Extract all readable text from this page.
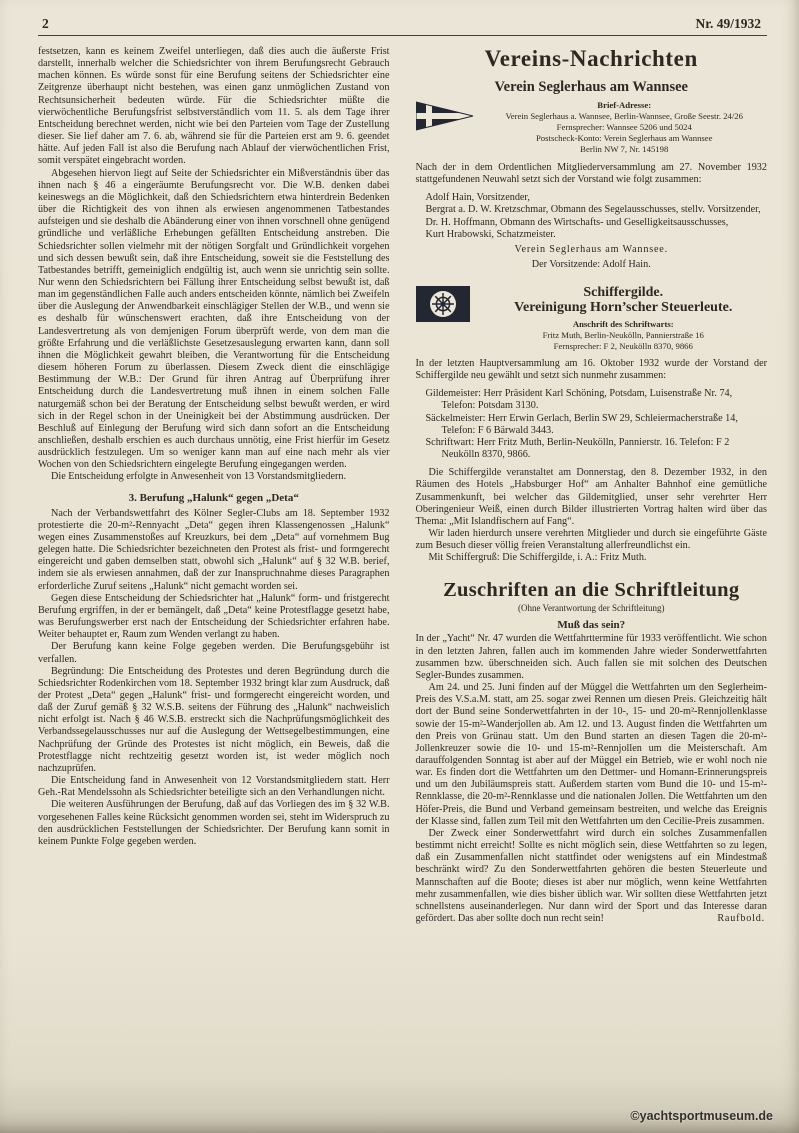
2	Nr. 49/1932

festsetzen, kann es keinem Zweifel unterliegen, daß dies auch die äußerste Frist darstellt, innerhalb welcher die Schiedsrichter von ihrem Berufungsrecht Gebrauch machen können. Es würde sonst für eine Berufung seitens der Schiedsrichter eine Zeitgrenze überhaupt nicht bestehen, was einen ganz unmöglichen Zustand von Rechtsunsicherheit bedeuten würde. Für die Schiedsrichter müßte die vierwöchentliche Berufungsfrist selbstverständlich vom 11. 5. als dem Tage ihrer Entscheidung berechnet werden, nicht wie bei den Parteien vom Tage der Zustellung dieser. Sie lief daher am 7. 6. ab, während sie für die Parteien erst am 9. 6. geendet hätte. Auf jeden Fall ist also die Berufung nach Ablauf der vierwöchentlichen Frist, somit verspätet eingebracht worden.

Abgesehen hiervon liegt auf Seite der Schiedsrichter ein Mißverständnis über das ihnen nach § 46 a eingeräumte Berufungsrecht vor. Die W.B. denken dabei keineswegs an die Möglichkeit, daß den Schiedsrichtern etwa hinterdrein Bedenken über die Richtigkeit des von ihnen als erwiesen angenommenen Tatbestandes aufsteigen und sie deshalb die Abänderung einer von ihnen vorschnell ohne genügend gründliche und verläßliche Erhebungen gefällten Entscheidung anstreben. Die Schiedsrichter sollen vielmehr mit der nötigen Sorgfalt und Gründlichkeit vorgehen und sich dessen bewußt sein, daß ihre Entscheidung, soweit sie die Feststellung des Tatbestandes betrifft, gemeiniglich endgültig ist, auch wenn sie unrichtig sein sollte. Nur wenn den Schiedsrichtern bei Fällung ihrer Entscheidung selbst bewußt ist, daß man im gegenständlichen Falle auch anders entscheiden könnte, nämlich bei Zweifeln über die Auslegung der Anwendbarkeit einschlägiger Stellen der W.B., und wenn sie es deshalb für wünschenswert erachten, daß ihre Entscheidung von der Landesvertretung als von demjenigen Forum überprüft werde, von dem man die größte Erfahrung und die verläßlichste Gesetzesauslegung erwarten kann, dann soll ihnen die Möglichkeit gewahrt bleiben, die Verantwortung für die Entscheidung diesem höheren Forum zu überlassen. Diesem Zweck dient die einschlägige Bestimmung der W.B.: Der Grund für ihren Antrag auf Überprüfung ihrer Entscheidung durch die Landesvertretung muß ihnen in einem solchen Falle naturgemäß schon bei der Beratung der Entscheidung selbst bewußt werden, er wird sich in der Regel schon in der Uneinigkeit bei der Abstimmung ausdrücken. Der Beschluß auf Einlegung der Berufung wird sich dann sofort an die Entscheidung anschließen, deshalb erschien es auch durchaus unnötig, eine Frist hierfür im Gesetz ausdrücklich festzulegen. Um so weniger kann man auf eine nach mehr als vier Wochen von den Schiedsrichtern eingelegte Berufung eingegangen werden.

Die Entscheidung erfolgte in Anwesenheit von 13 Vorstandsmitgliedern.

3. Berufung „Halunk“ gegen „Deta“

Nach der Verbandswettfahrt des Kölner Segler-Clubs am 18. September 1932 protestierte die 20-m²-Rennyacht „Deta“ gegen ihren Klassengenossen „Halunk“ wegen eines Zusammenstoßes auf Kreuzkurs, bei dem „Deta“ auf vornehmem Bug gelegen hatte. Die Schiedsrichter bezeichneten den Protest als frist- und formgerecht eingereicht und gaben demselben statt, obwohl sich „Halunk“ auf § 32 W.B. berief, indem sie als erwiesen annahmen, daß der zur Inanspruchnahme dieses Paragraphen erforderliche Zuruf seitens „Halunk“ nicht gemacht worden sei.

Gegen diese Entscheidung der Schiedsrichter hat „Halunk“ form- und fristgerecht Berufung ergriffen, in der er bemängelt, daß „Deta“ keine Protestflagge gesetzt habe, was Berufungswerber erst nach der Entscheidung der Schiedsrichter erfahren habe. Weiter behauptet er, Raum zum Wenden verlangt zu haben.

Der Berufung kann keine Folge gegeben werden. Die Berufungsgebühr ist verfallen.

Begründung: Die Entscheidung des Protestes und deren Begründung durch die Schiedsrichter Rodenkirchen vom 18. September 1932 bringt klar zum Ausdruck, daß der Protest „Deta“ gegen „Halunk“ frist- und formgerecht eingereicht worden, und daß der Zuruf gemäß § 32 W.S.B. seitens der Führung des „Halunk“ nachweislich nicht erfolgt ist. Nach § 46 W.S.B. erstreckt sich die Nachprüfungsmöglichkeit des Verbandssegelausschusses nur auf die Auslegung der Wettsegelbestimmungen, eine Nachprüfung der Gründe des Protestes ist nicht möglich, ein Beweis, daß die Protestflagge nicht rechtzeitig gesetzt worden ist, ist weder möglich noch nachzuprüfen.

Die Entscheidung fand in Anwesenheit von 12 Vorstandsmitgliedern statt. Herr Geh.-Rat Mendelssohn als Schiedsrichter beteiligte sich an den Verhandlungen nicht.

Die weiteren Ausführungen der Berufung, daß auf das Vorliegen des im § 32 W.B. vorgesehenen Falles keine Rücksicht genommen worden sei, steht im Widerspruch zu den ausdrücklichen Feststellungen der Schiedsrichter. Der Berufung kann somit in keinem Punkte Folge gegeben werden.

Vereins-Nachrichten
Verein Seglerhaus am Wannsee
Brief-Adresse:
Verein Seglerhaus a. Wannsee, Berlin-Wannsee, Große Seestr. 24/26
Fernsprecher: Wannsee 5206 und 5024
Postscheck-Konto: Verein Seglerhaus am Wannsee
Berlin NW 7, Nr. 145198

Nach der in dem Ordentlichen Mitgliederversammlung am 27. November 1932 stattgefundenen Neuwahl setzt sich der Vorstand wie folgt zusammen:

Adolf Hain, Vorsitzender,

Bergrat a. D. W. Kretzschmar, Obmann des Segelausschusses, stellv. Vorsitzender,

Dr. H. Hoffmann, Obmann des Wirtschafts- und Geselligkeitsausschusses,

Kurt Hrabowski, Schatzmeister.

Verein Seglerhaus am Wannsee.

Der Vorsitzende: Adolf Hain.

Schiffergilde.
Vereinigung Horn’scher Steuerleute.
Anschrift des Schriftwarts:
Fritz Muth, Berlin-Neukölln, Pannierstraße 16
Fernsprecher: F 2, Neukölln 8370, 9866

In der letzten Hauptversammlung am 16. Oktober 1932 wurde der Vorstand der Schiffergilde neu gewählt und setzt sich nunmehr zusammen:

Gildemeister: Herr Präsident Karl Schöning, Potsdam, Luisenstraße Nr. 74, Telefon: Potsdam 3130.

Säckelmeister: Herr Erwin Gerlach, Berlin SW 29, Schleiermacherstraße 14, Telefon: F 6 Bärwald 3443.

Schriftwart: Herr Fritz Muth, Berlin-Neukölln, Pannierstr. 16. Telefon: F 2 Neukölln 8370, 9866.

Die Schiffergilde veranstaltet am Donnerstag, den 8. Dezember 1932, in den Räumen des Hotels „Habsburger Hof“ am Anhalter Bahnhof eine gemütliche Zusammenkunft, bei welcher das Gildemitglied, unser sehr verehrter Herr Oberingenieur Weiß, einen durch Bilder illustrierten Vortrag halten wird über das Thema: „Mit Islandfischern auf Fang“.

Wir laden hierdurch unsere verehrten Mitglieder und durch sie eingeführte Gäste zum Besuch dieser völlig freien Veranstaltung allerfreundlichst ein.

Mit Schiffergruß: Die Schiffergilde, i. A.: Fritz Muth.

Zuschriften an die Schriftleitung
(Ohne Verantwortung der Schriftleitung)
Muß das sein?

In der „Yacht“ Nr. 47 wurden die Wettfahrttermine für 1933 veröffentlicht. Wie schon in den letzten Jahren, fallen auch im kommenden Jahre wieder Sonderwettfahrten zusammen bzw. überschneiden sich. Auch fallen sie mit solchen des Deutschen Segler-Bundes zusammen.

Am 24. und 25. Juni finden auf der Müggel die Wettfahrten um den Seglerheim-Preis des V.S.a.M. statt, am 25. sogar zwei Rennen um diesen Preis. Gleichzeitig hält dort der Bund seine Sonderwettfahrten in der 10-, 15- und 20-m²-Rennjollenklasse sowie der 15-m²-Wanderjollen ab. Am 12. und 13. August finden die Wettfahrten um den Preis von Grünau statt. Um den Bund starten an diesen Tagen die 20-m²-Jollenkreuzer sowie die 10- und 15-m²-Rennjollen um die Meisterschaft. Am darauffolgenden Sonntag ist aber auf der Müggel ein Betrieb, wie er wohl noch nie war. Es finden dort die Wettfahrten um den Dettmer- und Homann-Erinnerungspreis und um den Jubiläumspreis statt. Außerdem starten vom Bund die 10- und 15-m²-Rennklasse, die 20-m²-Rennklasse und die nationalen Jollen. Die Wettfahrten um den Höfer-Preis, die Bund und Verband gemeinsam bestreiten, und welche das Ereignis der Klasse sind, fallen zum Teil mit den Wettfahrten um den Cecilie-Preis zusammen.

Der Zweck einer Sonderwettfahrt wird durch ein solches Zusammenfallen bestimmt nicht erreicht! Sollte es nicht möglich sein, diese Wettfahrten so zu legen, daß ein Zusammenfallen nicht stattfindet oder wenigstens auf ein Mindestmaß beschränkt wird? Zu den Sonderwettfahrten gehören die besten Steuerleute und Mannschaften auf die Boote; dieses ist aber nur möglich, wenn keine Wettfahrten mehr zusammenfallen, wie dies bisher üblich war. Wir sollten diese Wettfahrten jetzt schnellstens auseinanderlegen. Nur dann wird der Sport und das Interesse daran gefördert. Das aber sollte doch nun recht sein!	Raufbold.

©yachtsportmuseum.de
